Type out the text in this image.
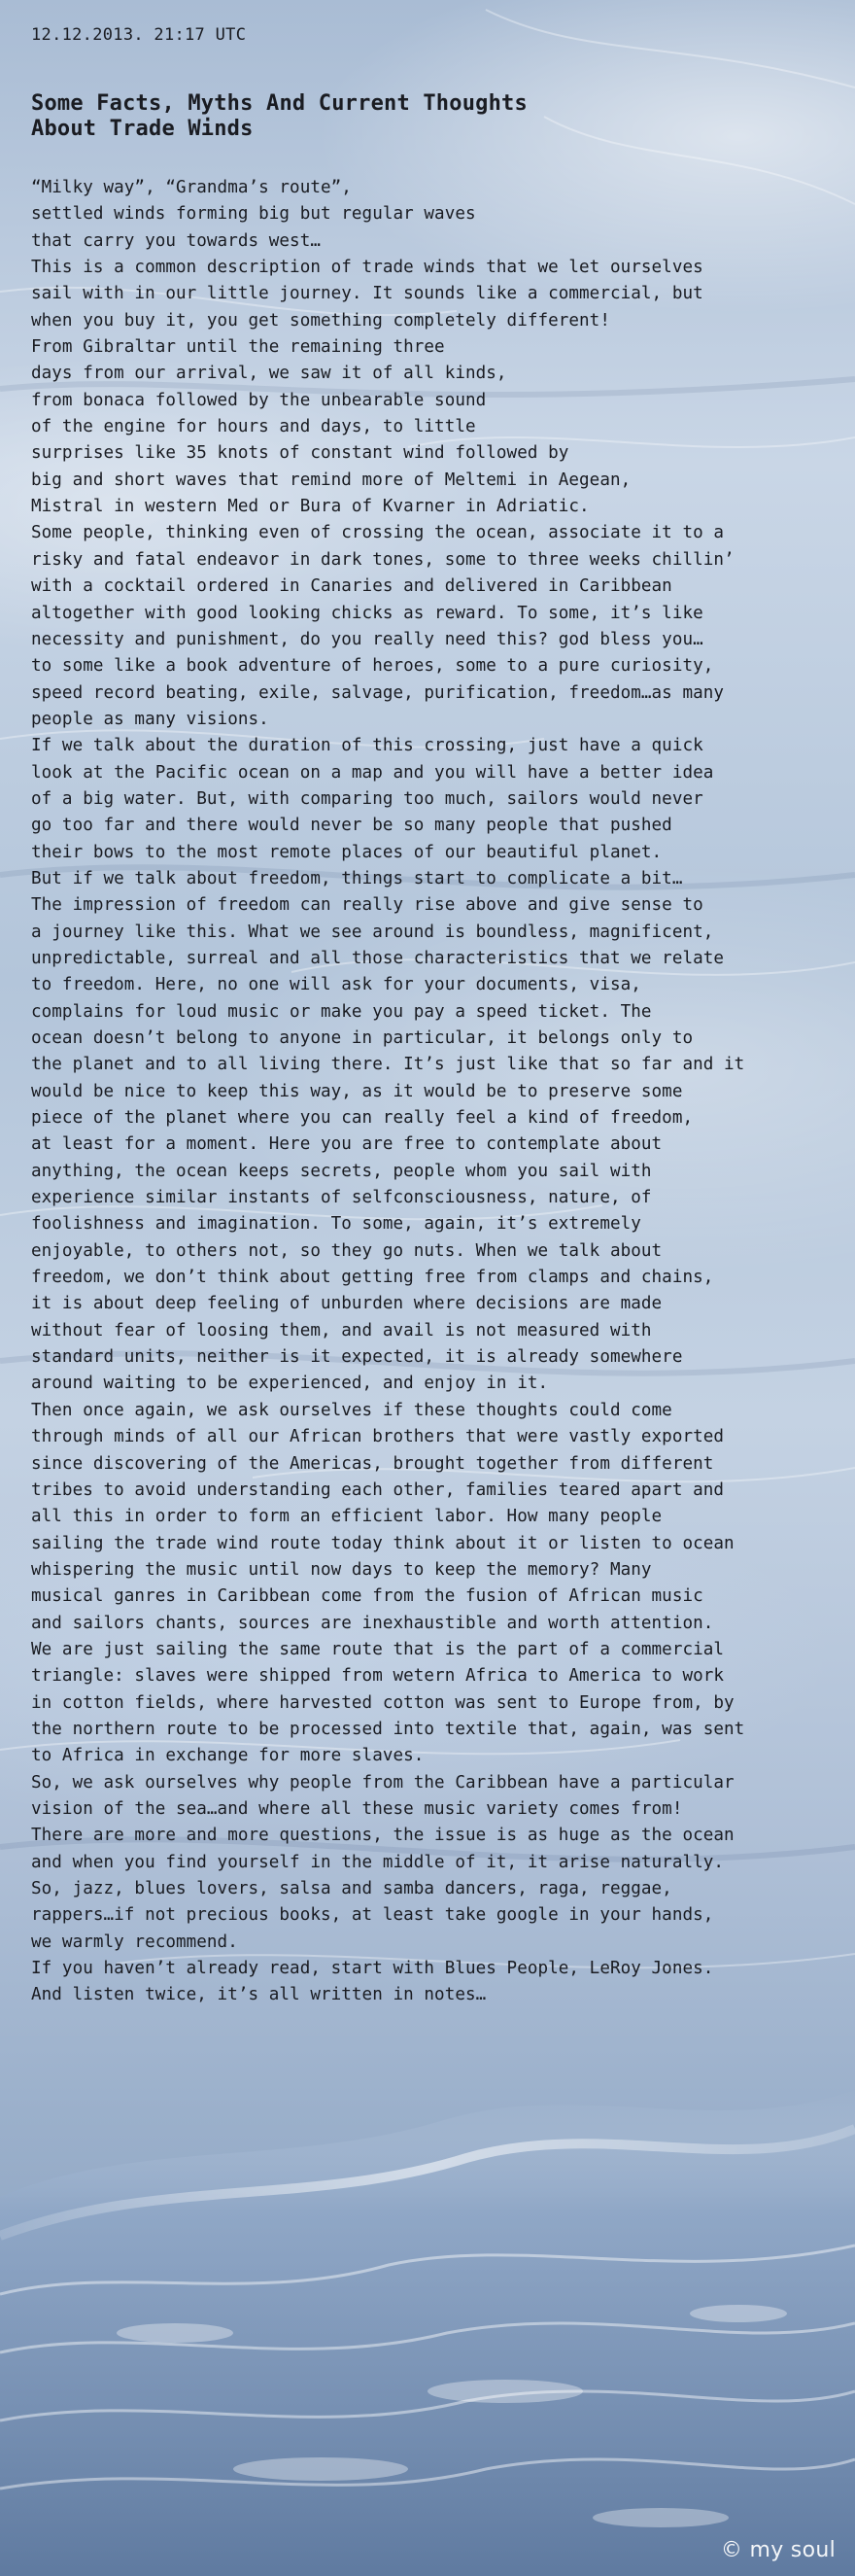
12.12.2013. 21:17 UTC
Some Facts, Myths And Current Thoughts
About Trade Winds

“Milky way”, “Grandma’s route”,
settled winds forming big but regular waves
that carry you towards west…
This is a common description of trade winds that we let ourselves
sail with in our little journey. It sounds like a commercial, but
when you buy it, you get something completely different!

From Gibraltar until the remaining three
days from our arrival, we saw it of all kinds,
from bonaca followed by the unbearable sound
of the engine for hours and days, to little
surprises like 35 knots of constant wind followed by
big and short waves that remind more of Meltemi in Aegean,
Mistral in western Med or Bura of Kvarner in Adriatic.

Some people, thinking even of crossing the ocean, associate it to a
risky and fatal endeavor in dark tones, some to three weeks chillin’
with a cocktail ordered in Canaries and delivered in Caribbean
altogether with good looking chicks as reward. To some, it’s like
necessity and punishment, do you really need this? god bless you…
to some like a book adventure of heroes, some to a pure curiosity,
speed record beating, exile, salvage, purification, freedom…as many
people as many visions.

If we talk about the duration of this crossing, just have a quick
look at the Pacific ocean on a map and you will have a better idea
of a big water. But, with comparing too much, sailors would never
go too far and there would never be so many people that pushed
their bows to the most remote places of our beautiful planet.

But if we talk about freedom, things start to complicate a bit…
The impression of freedom can really rise above and give sense to
a journey like this. What we see around is boundless, magnificent,
unpredictable, surreal and all those characteristics that we relate
to freedom. Here, no one will ask for your documents, visa,
complains for loud music or make you pay a speed ticket. The
ocean doesn’t belong to anyone in particular, it belongs only to
the planet and to all living there. It’s just like that so far and it
would be nice to keep this way, as it would be to preserve some
piece of the planet where you can really feel a kind of freedom,
at least for a moment. Here you are free to contemplate about
anything, the ocean keeps secrets, people whom you sail with
experience similar instants of selfconsciousness, nature, of
foolishness and imagination. To some, again, it’s extremely
enjoyable, to others not, so they go nuts. When we talk about
freedom, we don’t think about getting free from clamps and chains,
it is about deep feeling of unburden where decisions are made
without fear of loosing them, and avail is not measured with
standard units, neither is it expected, it is already somewhere
around waiting to be experienced, and enjoy in it.

Then once again, we ask ourselves if these thoughts could come
through minds of all our African brothers that were vastly exported
since discovering of the Americas, brought together from different
tribes to avoid understanding each other, families teared apart and
all this in order to form an efficient labor. How many people
sailing the trade wind route today think about it or listen to ocean
whispering the music until now days to keep the memory? Many
musical ganres in Caribbean come from the fusion of African music
and sailors chants, sources are inexhaustible and worth attention.

We are just sailing the same route that is the part of a commercial
triangle: slaves were shipped from wetern Africa to America to work
in cotton fields, where harvested cotton was sent to Europe from, by
the northern route to be processed into textile that, again, was sent
to Africa in exchange for more slaves.

So, we ask ourselves why people from the Caribbean have a particular
vision of the sea…and where all these music variety comes from!
There are more and more questions, the issue is as huge as the ocean
and when you find yourself in the middle of it, it arise naturally.
So, jazz, blues lovers, salsa and samba dancers, raga, reggae,
rappers…if not precious books, at least take google in your hands,
we warmly recommend.

If you haven’t already read, start with Blues People, LeRoy Jones.
And listen twice, it’s all written in notes…

© my soul
